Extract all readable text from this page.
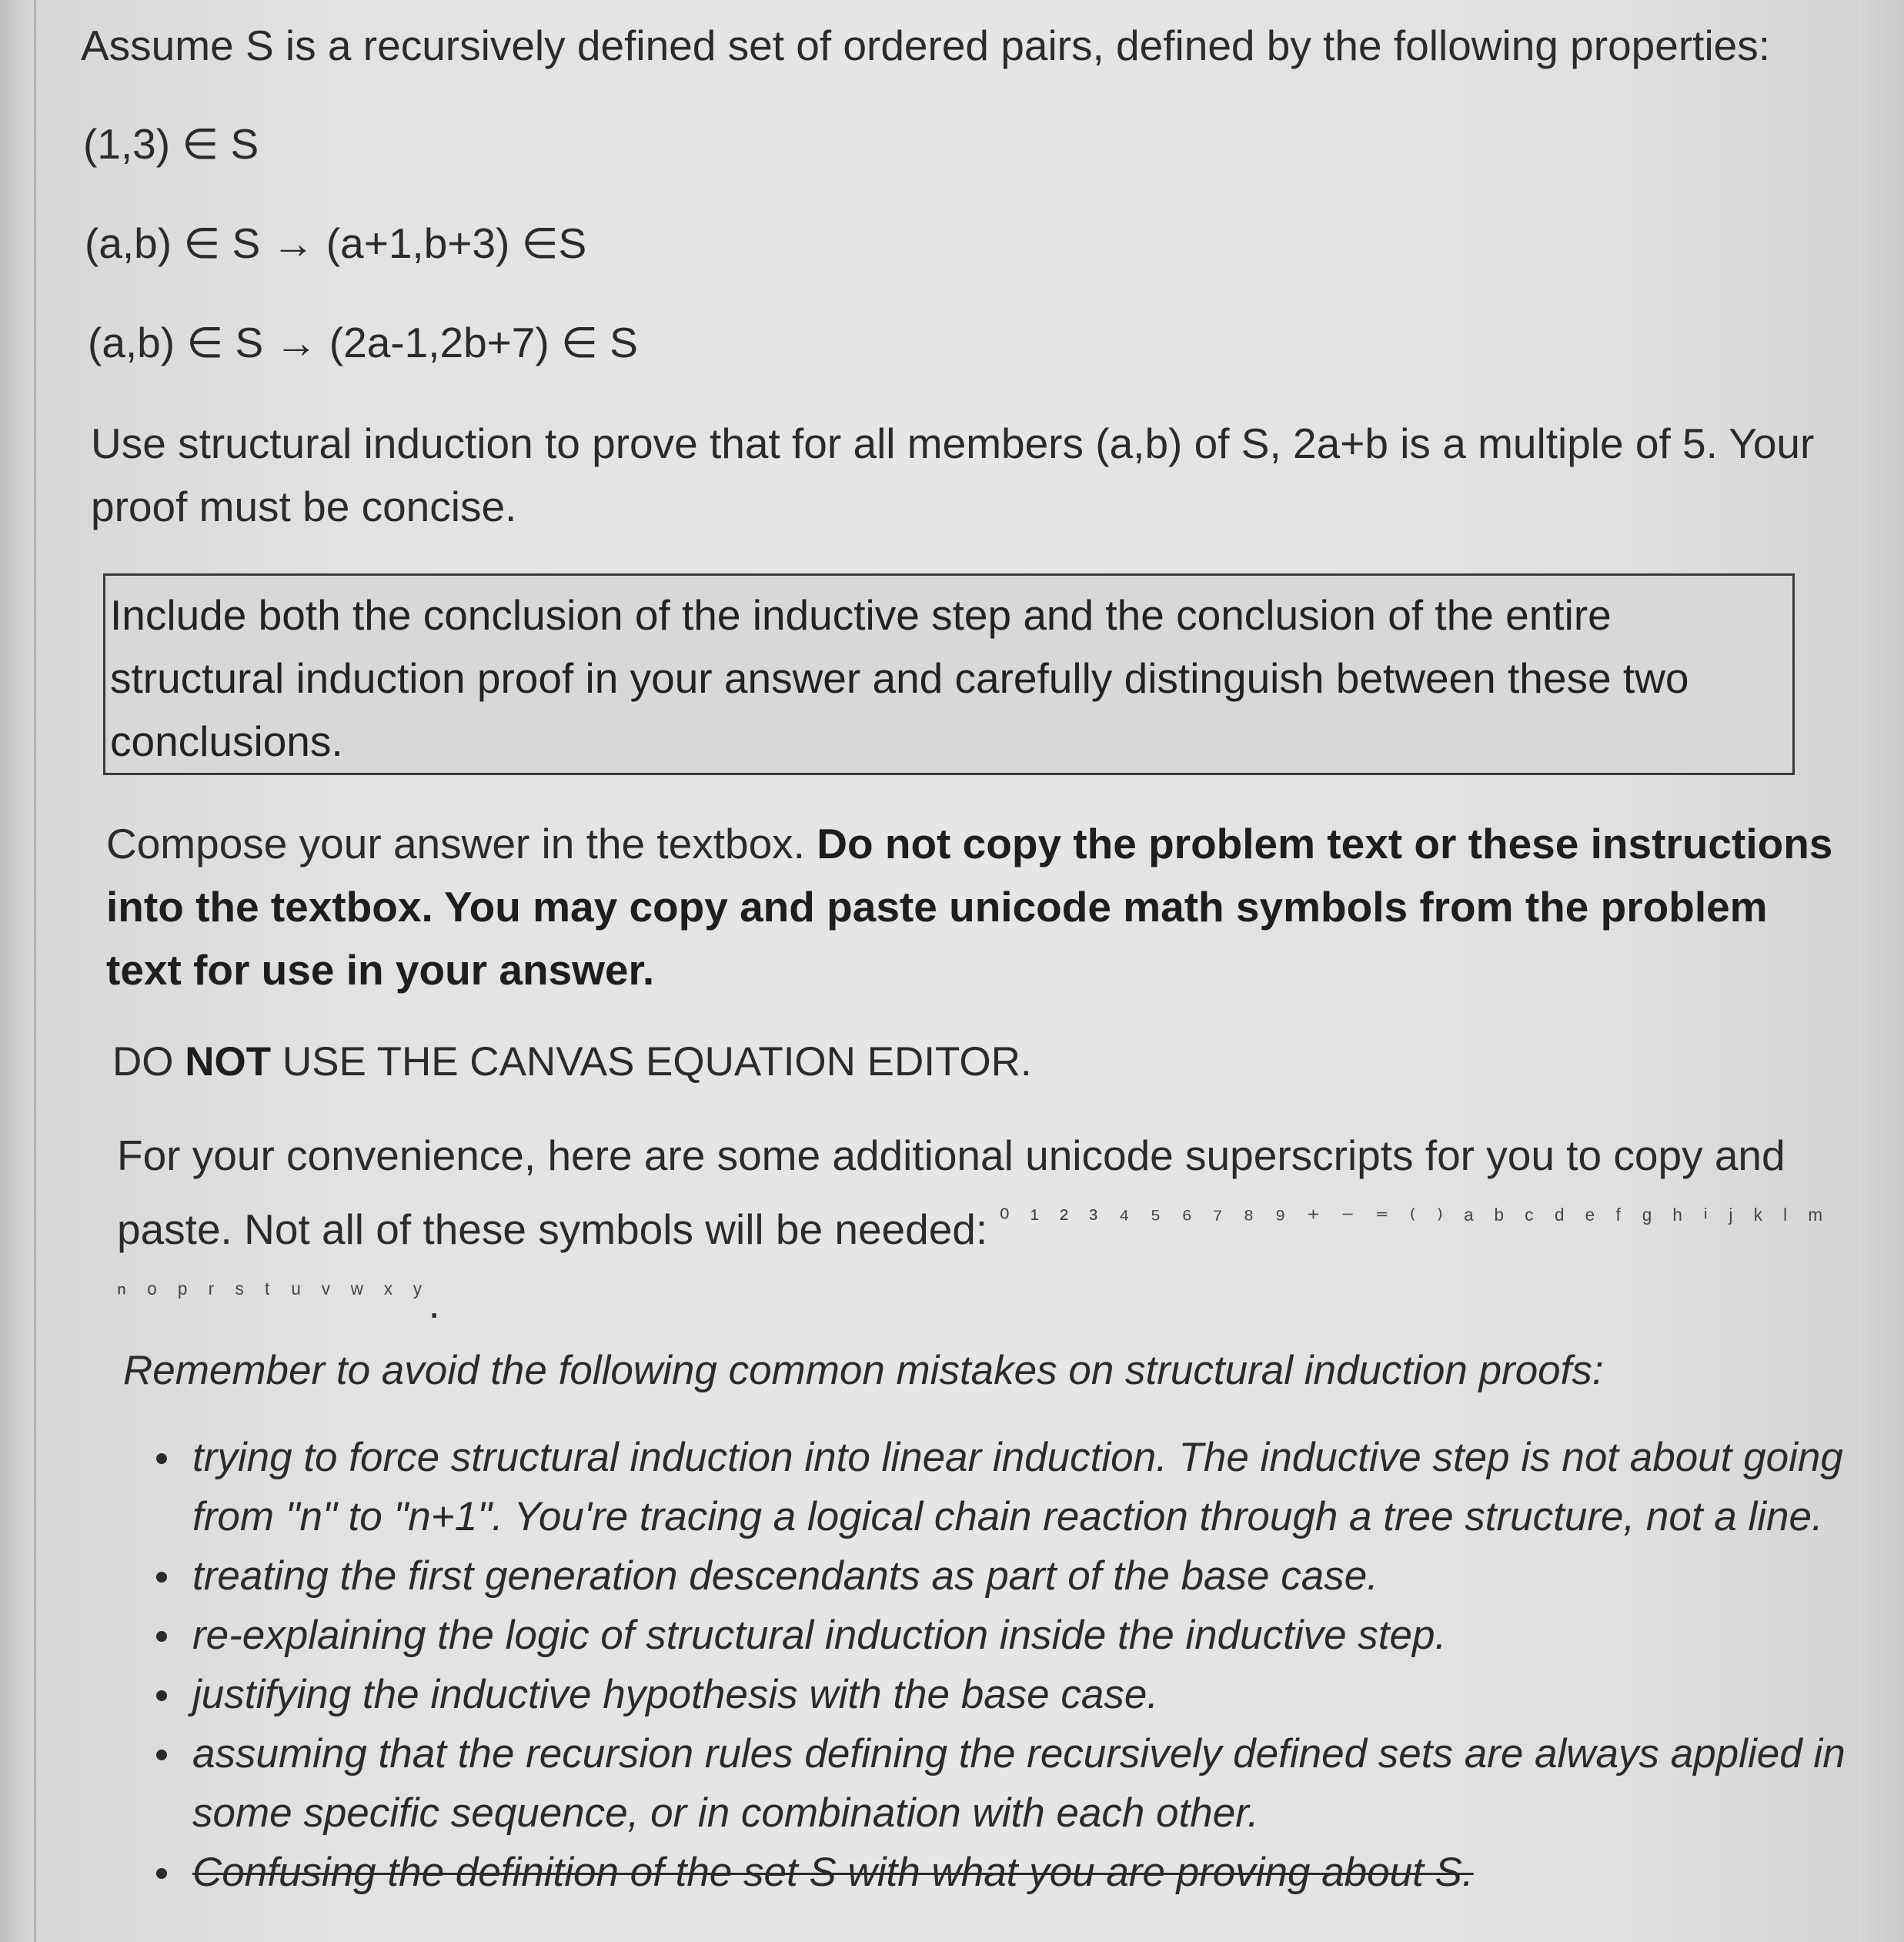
Assume S is a recursively defined set of ordered pairs, defined by the following properties:
(1,3) ∈ S
(a,b) ∈ S → (a+1,b+3) ∈S
(a,b) ∈ S → (2a-1,2b+7) ∈ S
Use structural induction to prove that for all members (a,b) of S, 2a+b is a multiple of 5. Your proof must be concise.
Include both the conclusion of the inductive step and the conclusion of the entire structural induction proof in your answer and carefully distinguish between these two conclusions.
Compose your answer in the textbox. Do not copy the problem text or these instructions into the textbox. You may copy and paste unicode math symbols from the problem text for use in your answer.
DO NOT USE THE CANVAS EQUATION EDITOR.
For your convenience, here are some additional unicode superscripts for you to copy and paste. Not all of these symbols will be needed: $^{^0 ^1 ^2 ^3 ^4 ^5 ^6 ^7 ^8 ^9 ^+ ^- ^= ^( ^) ᵃ ᵇ ᶜ ᵈ ᵉ ᶠ ᵍ ʰ ^i ʲ ᵏ ˡ ᵐ ^n ᵒ ᵖ ʳ ˢ ᵗ ᵘ ᵛ ʷ ˣ ʸ}$.
Remember to avoid the following common mistakes on structural induction proofs:
trying to force structural induction into linear induction. The inductive step is not about going from "n" to "n+1". You're tracing a logical chain reaction through a tree structure, not a line.
treating the first generation descendants as part of the base case.
re-explaining the logic of structural induction inside the inductive step.
justifying the inductive hypothesis with the base case.
assuming that the recursion rules defining the recursively defined sets are always applied in some specific sequence, or in combination with each other.
Confusing the definition of the set S with what you are proving about S.
